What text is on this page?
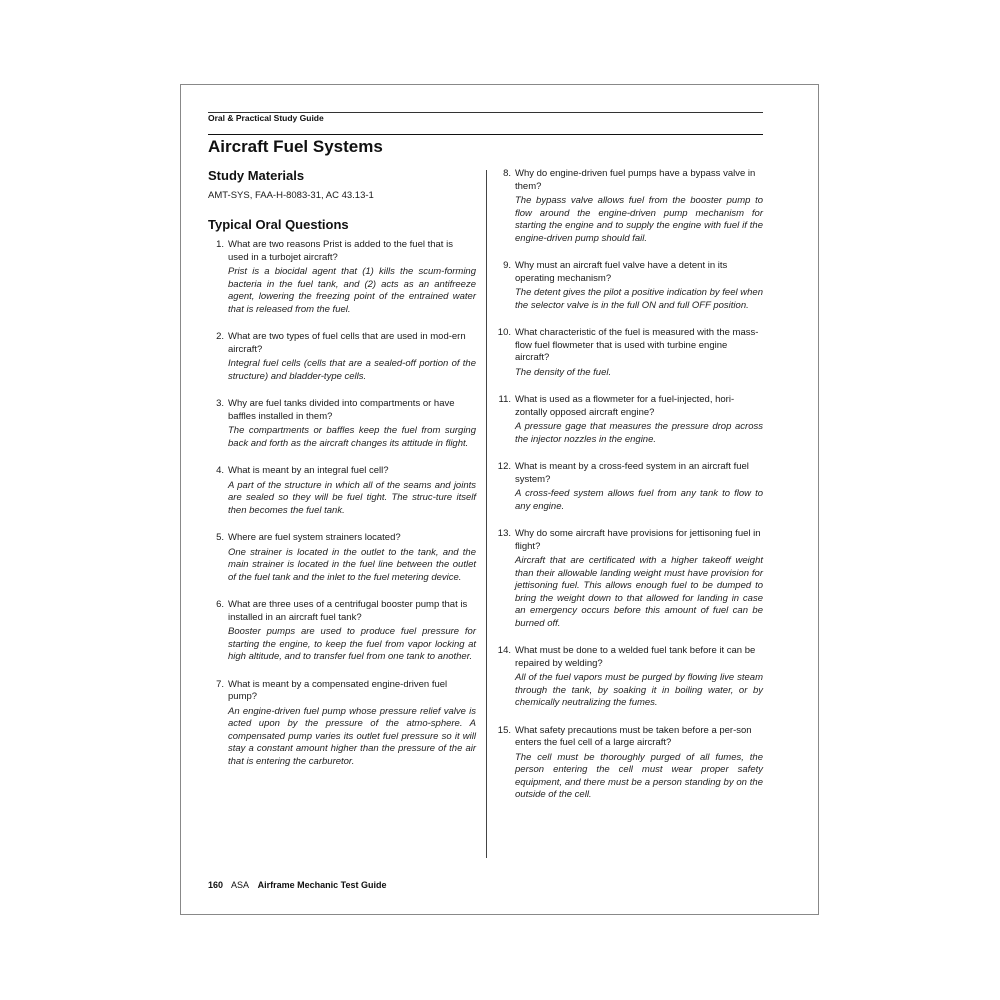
Oral & Practical Study Guide
Aircraft Fuel Systems
Study Materials
AMT-SYS, FAA-H-8083-31, AC 43.13-1
Typical Oral Questions
1. What are two reasons Prist is added to the fuel that is used in a turbojet aircraft?

Prist is a biocidal agent that (1) kills the scum-forming bacteria in the fuel tank, and (2) acts as an antifreeze agent, lowering the freezing point of the entrained water that is released from the fuel.

2. What are two types of fuel cells that are used in mod-ern aircraft?

Integral fuel cells (cells that are a sealed-off portion of the structure) and bladder-type cells.

3. Why are fuel tanks divided into compartments or have baffles installed in them?

The compartments or baffles keep the fuel from surging back and forth as the aircraft changes its attitude in flight.

4. What is meant by an integral fuel cell?

A part of the structure in which all of the seams and joints are sealed so they will be fuel tight. The struc-ture itself then becomes the fuel tank.

5. Where are fuel system strainers located?

One strainer is located in the outlet to the tank, and the main strainer is located in the fuel line between the outlet of the fuel tank and the inlet to the fuel metering device.

6. What are three uses of a centrifugal booster pump that is installed in an aircraft fuel tank?

Booster pumps are used to produce fuel pressure for starting the engine, to keep the fuel from vapor locking at high altitude, and to transfer fuel from one tank to another.

7. What is meant by a compensated engine-driven fuel pump?

An engine-driven fuel pump whose pressure relief valve is acted upon by the pressure of the atmo-sphere. A compensated pump varies its outlet fuel pressure so it will stay a constant amount higher than the pressure of the air that is entering the carburetor.

8. Why do engine-driven fuel pumps have a bypass valve in them?

The bypass valve allows fuel from the booster pump to flow around the engine-driven pump mechanism for starting the engine and to supply the engine with fuel if the engine-driven pump should fail.

9. Why must an aircraft fuel valve have a detent in its operating mechanism?

The detent gives the pilot a positive indication by feel when the selector valve is in the full ON and full OFF position.

10. What characteristic of the fuel is measured with the mass-flow fuel flowmeter that is used with turbine engine aircraft?

The density of the fuel.

11. What is used as a flowmeter for a fuel-injected, hori-zontally opposed aircraft engine?

A pressure gage that measures the pressure drop across the injector nozzles in the engine.

12. What is meant by a cross-feed system in an aircraft fuel system?

A cross-feed system allows fuel from any tank to flow to any engine.

13. Why do some aircraft have provisions for jettisoning fuel in flight?

Aircraft that are certificated with a higher takeoff weight than their allowable landing weight must have provision for jettisoning fuel. This allows enough fuel to be dumped to bring the weight down to that allowed for landing in case an emergency occurs before this amount of fuel can be burned off.

14. What must be done to a welded fuel tank before it can be repaired by welding?

All of the fuel vapors must be purged by flowing live steam through the tank, by soaking it in boiling water, or by chemically neutralizing the fumes.

15. What safety precautions must be taken before a per-son enters the fuel cell of a large aircraft?

The cell must be thoroughly purged of all fumes, the person entering the cell must wear proper safety equipment, and there must be a person standing by on the outside of the cell.

160 ASA Airframe Mechanic Test Guide
